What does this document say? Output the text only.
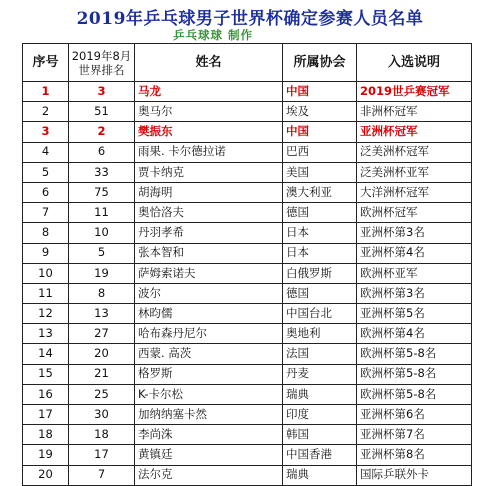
2019年乒乓球男子世界杯确定参赛人员名单
乒乓球球 制作
序号	2019年8月世界排名	姓名	所属协会	入选说明
1	3	马龙	中国	2019世乒赛冠军
2	51	奥马尔	埃及	非洲杯冠军
3	2	樊振东	中国	亚洲杯冠军
4	6	雨果. 卡尔德拉诺	巴西	泛美洲杯冠军
5	33	贾卡纳克	美国	泛美洲杯亚军
6	75	胡海明	澳大利亚	大洋洲杯冠军
7	11	奥恰洛夫	德国	欧洲杯冠军
8	10	丹羽孝希	日本	亚洲杯第3名
9	5	张本智和	日本	亚洲杯第4名
10	19	萨姆索诺夫	白俄罗斯	欧洲杯亚军
11	8	波尔	德国	欧洲杯第3名
12	13	林昀儒	中国台北	亚洲杯第5名
13	27	哈布森丹尼尔	奥地利	欧洲杯第4名
14	20	西蒙. 高茨	法国	欧洲杯第5-8名
15	21	格罗斯	丹麦	欧洲杯第5-8名
16	25	K-卡尔松	瑞典	欧洲杯第5-8名
17	30	加纳纳塞卡然	印度	亚洲杯第6名
18	18	李尚洙	韩国	亚洲杯第7名
19	17	黄镇廷	中国香港	亚洲杯第8名
20	7	法尔克	瑞典	国际乒联外卡
